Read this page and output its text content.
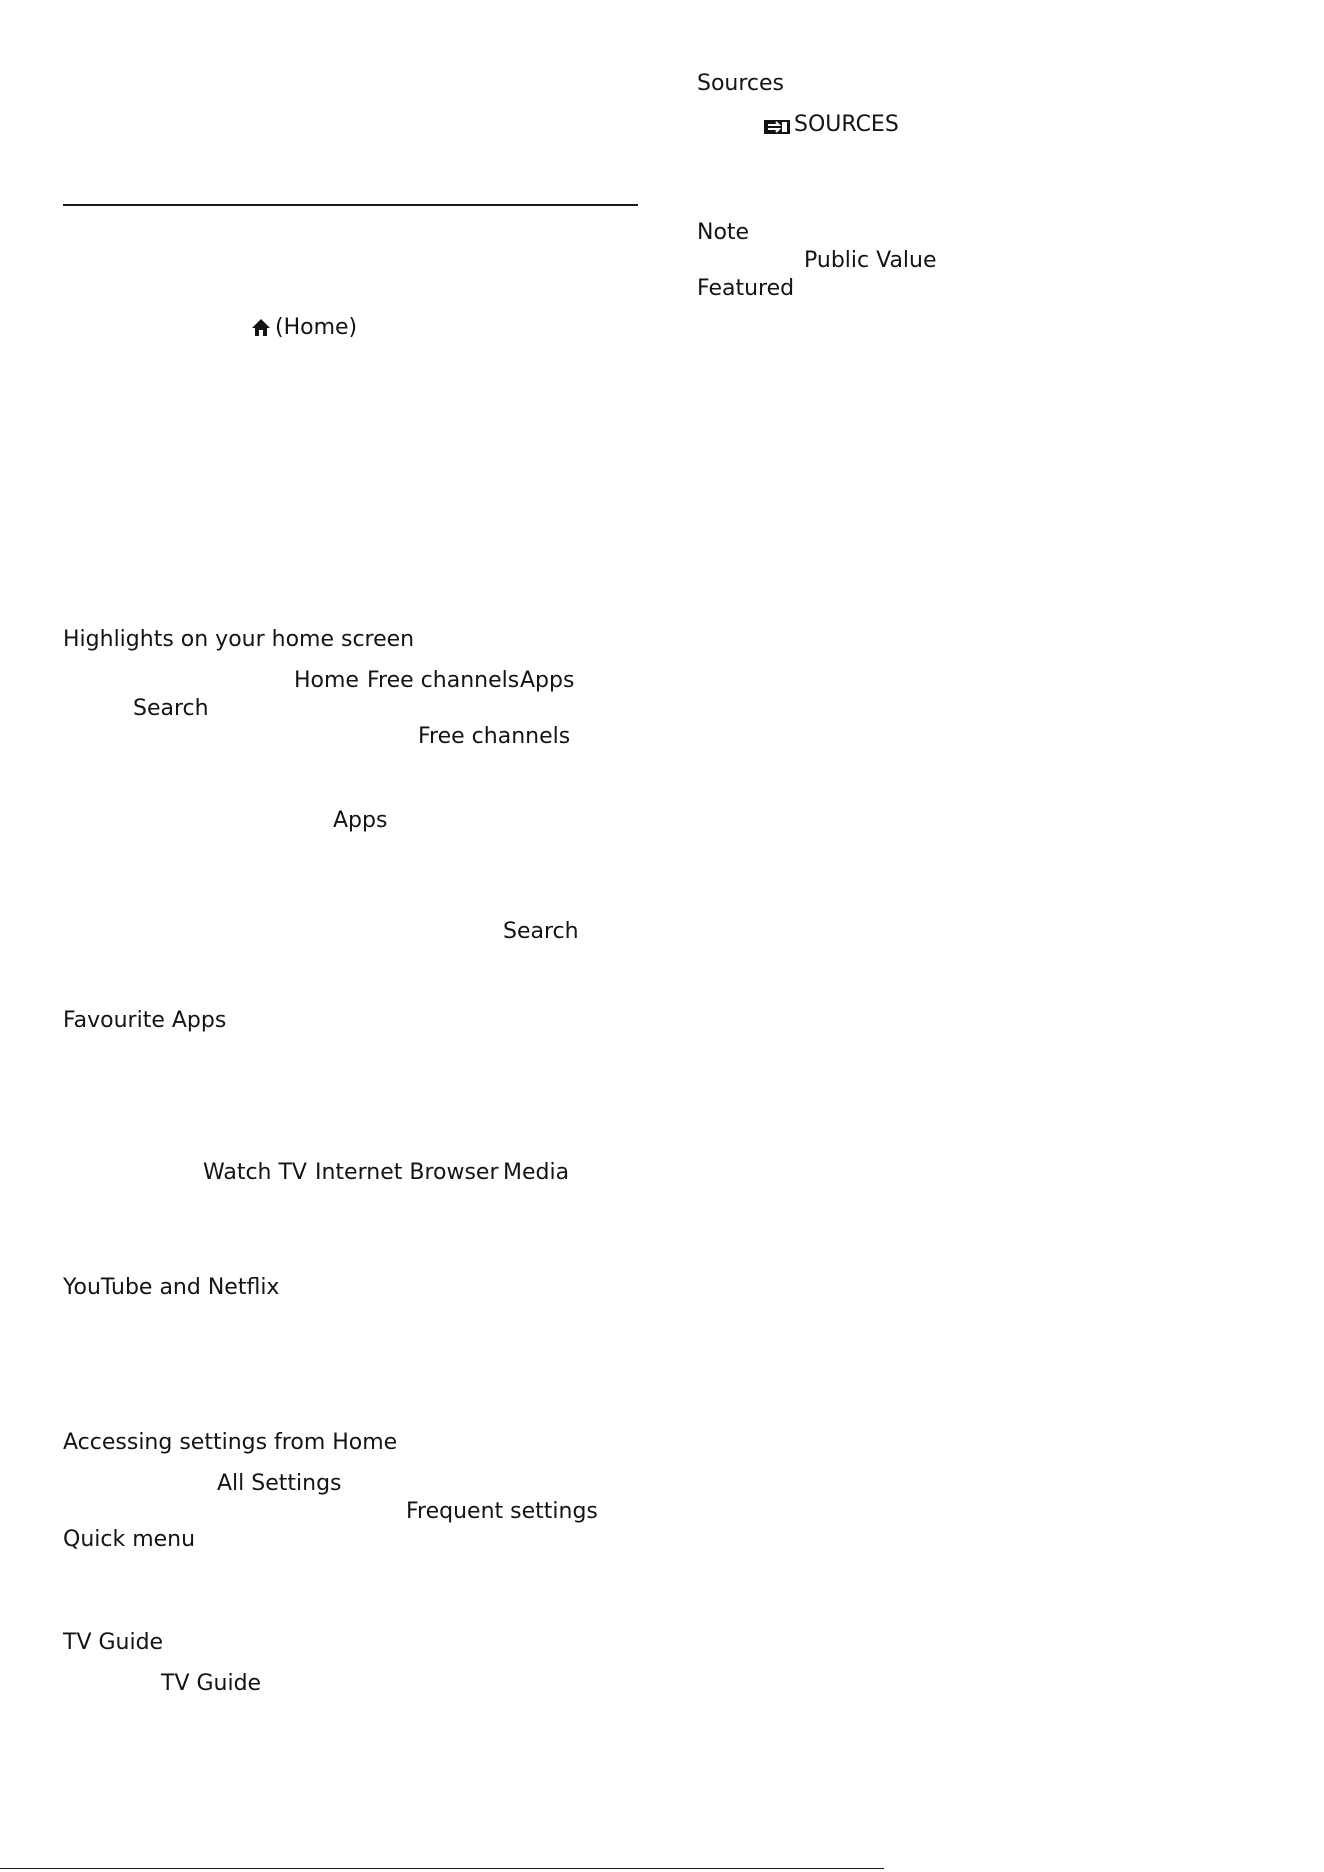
(Home)
Highlights on your home screen
Home Free channels Apps
Search
Free channels
Apps
Search
Favourite Apps
Watch TV Internet Browser Media
YouTube and Netflix
Accessing settings from Home
All Settings
Frequent settings
Quick menu
TV Guide
TV Guide
Sources
SOURCES
Note
Public Value
Featured
